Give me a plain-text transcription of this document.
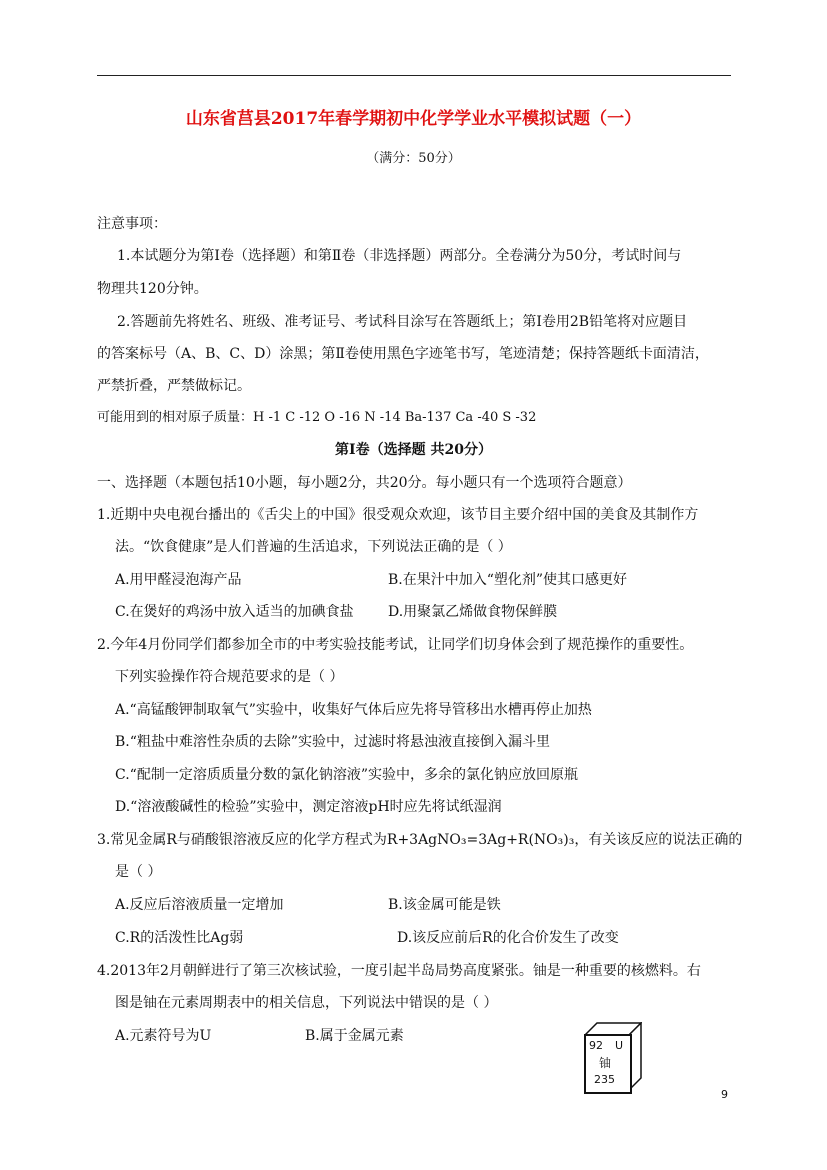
山东省莒县2017年春学期初中化学学业水平模拟试题（一）
（满分：50分）
注意事项：
1.本试题分为第Ⅰ卷（选择题）和第Ⅱ卷（非选择题）两部分。全卷满分为50分，考试时间与
物理共120分钟。
2.答题前先将姓名、班级、准考证号、考试科目涂写在答题纸上；第Ⅰ卷用2B铅笔将对应题目
的答案标号（A、B、C、D）涂黑；第Ⅱ卷使用黑色字迹笔书写，笔迹清楚；保持答题纸卡面清洁，
严禁折叠，严禁做标记。
可能用到的相对原子质量：H -1 C -12 O -16 N -14 Ba-137 Ca -40 S -32
第Ⅰ卷（选择题 共20分）
一、选择题（本题包括10小题，每小题2分，共20分。每小题只有一个选项符合题意）
1.近期中央电视台播出的《舌尖上的中国》很受观众欢迎，该节目主要介绍中国的美食及其制作方
法。“饮食健康”是人们普遍的生活追求，下列说法正确的是（ ）
A.用甲醛浸泡海产品	B.在果汁中加入“塑化剂”使其口感更好
C.在煲好的鸡汤中放入适当的加碘食盐 D.用聚氯乙烯做食物保鲜膜
2.今年4月份同学们都参加全市的中考实验技能考试，让同学们切身体会到了规范操作的重要性。
下列实验操作符合规范要求的是（ ）
A.“高锰酸钾制取氧气”实验中，收集好气体后应先将导管移出水槽再停止加热
B.“粗盐中难溶性杂质的去除”实验中，过滤时将悬浊液直接倒入漏斗里
C.“配制一定溶质质量分数的氯化钠溶液”实验中，多余的氯化钠应放回原瓶
D.“溶液酸碱性的检验”实验中，测定溶液pH时应先将试纸湿润
3.常见金属R与硝酸银溶液反应的化学方程式为R+3AgNO₃=3Ag+R(NO₃)₃，有关该反应的说法正确的
是（ ）
A.反应后溶液质量一定增加	B.该金属可能是铁
C.R的活泼性比Ag弱	D.该反应前后R的化合价发生了改变
4.2013年2月朝鲜进行了第三次核试验，一度引起半岛局势高度紧张。铀是一种重要的核燃料。右
图是铀在元素周期表中的相关信息，下列说法中错误的是（ ）
A.元素符号为U	B.属于金属元素
92 U
铀
235
9
